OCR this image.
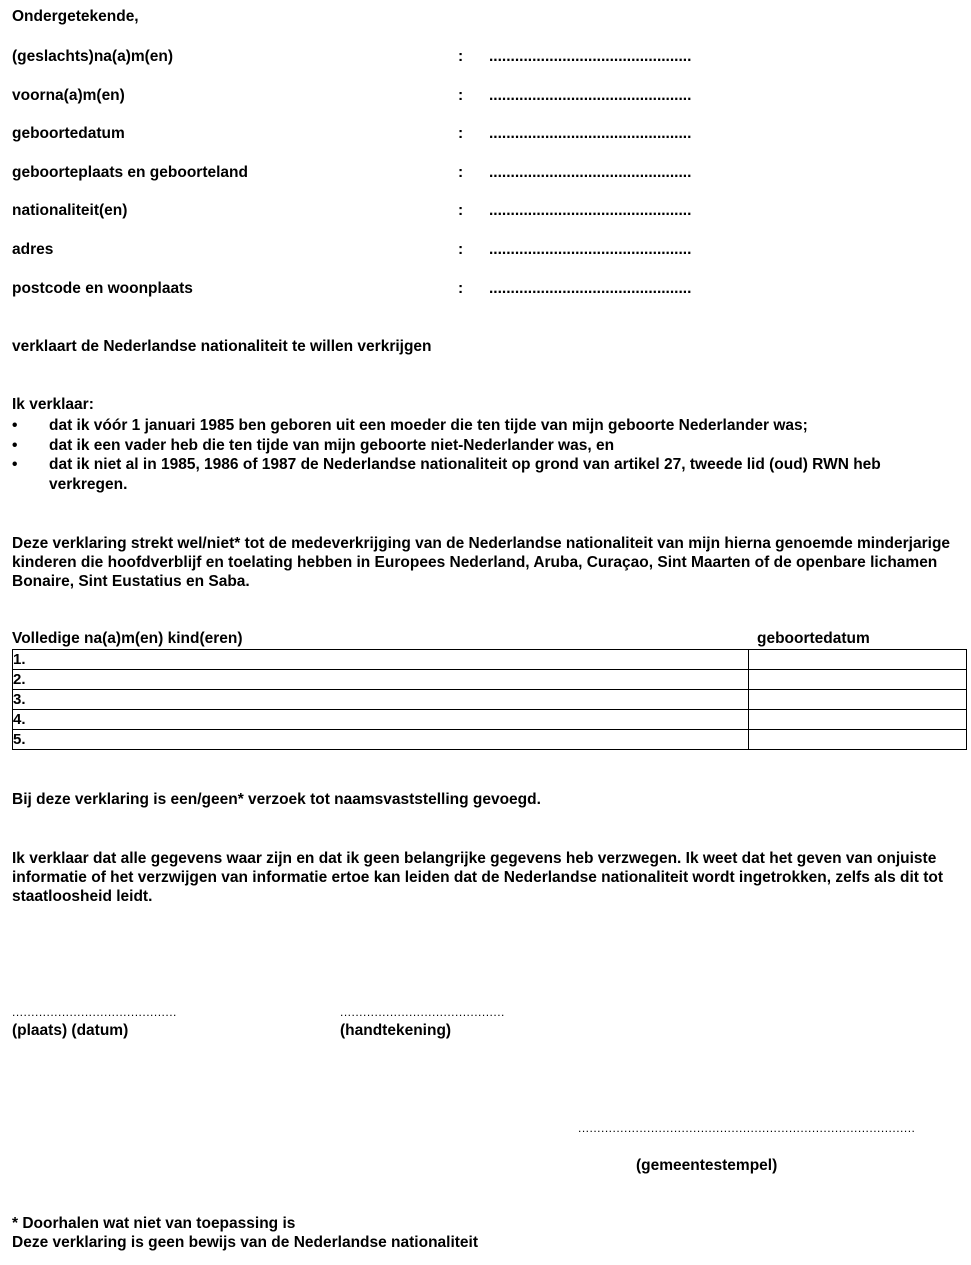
Ondergetekende,
(geslachts)na(a)m(en)	: ...............................................
voorna(a)m(en)	: ...............................................
geboortedatum	: ...............................................
geboorteplaats en geboorteland	: ...............................................
nationaliteit(en)	: ...............................................
adres	: ...............................................
postcode en woonplaats	: ...............................................
verklaart de Nederlandse nationaliteit te willen verkrijgen
Ik verklaar:
• dat ik vóór 1 januari 1985 ben geboren uit een moeder die ten tijde van mijn geboorte Nederlander was;
• dat ik een vader heb die ten tijde van mijn geboorte niet-Nederlander was, en
• dat ik niet al in 1985, 1986 of 1987 de Nederlandse nationaliteit op grond van artikel 27, tweede lid (oud) RWN heb verkregen.
Deze verklaring strekt wel/niet* tot de medeverkrijging van de Nederlandse nationaliteit van mijn hierna genoemde minderjarige kinderen die hoofdverblijf en toelating hebben in Europees Nederland, Aruba, Curaçao, Sint Maarten of de openbare lichamen Bonaire, Sint Eustatius en Saba.
Volledige na(a)m(en) kind(eren)	geboortedatum
1.	
2.	
3.	
4.	
5.	
Bij deze verklaring is een/geen* verzoek tot naamsvaststelling gevoegd.
Ik verklaar dat alle gegevens waar zijn en dat ik geen belangrijke gegevens heb verzwegen. Ik weet dat het geven van onjuiste informatie of het verzwijgen van informatie ertoe kan leiden dat de Nederlandse nationaliteit wordt ingetrokken, zelfs als dit tot staatloosheid leidt.
...........................................
(plaats) (datum)
...........................................
(handtekening)
........................................................................................
(gemeentestempel)
* Doorhalen wat niet van toepassing is
Deze verklaring is geen bewijs van de Nederlandse nationaliteit
